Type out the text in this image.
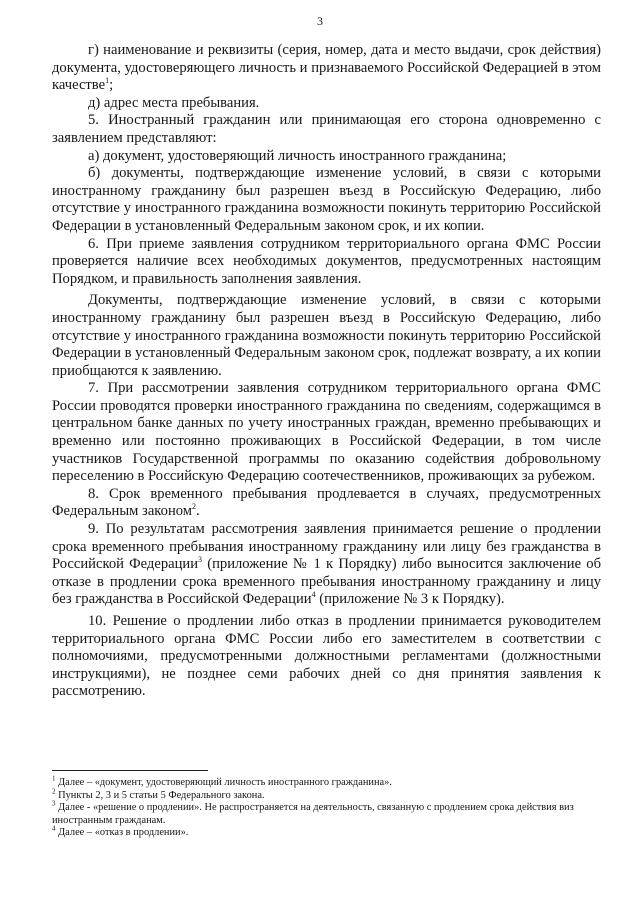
3

г) наименование и реквизиты (серия, номер, дата и место выдачи, срок действия) документа, удостоверяющего личность и признаваемого Российской Федерацией в этом качестве$^1$;

д) адрес места пребывания.

5. Иностранный гражданин или принимающая его сторона одновременно с заявлением представляют:

а) документ, удостоверяющий личность иностранного гражданина;

б) документы, подтверждающие изменение условий, в связи с которыми иностранному гражданину был разрешен въезд в Российскую Федерацию, либо отсутствие у иностранного гражданина возможности покинуть территорию Российской Федерации в установленный Федеральным законом срок, и их копии.

6. При приеме заявления сотрудником территориального органа ФМС России проверяется наличие всех необходимых документов, предусмотренных настоящим Порядком, и правильность заполнения заявления.

Документы, подтверждающие изменение условий, в связи с которыми иностранному гражданину был разрешен въезд в Российскую Федерацию, либо отсутствие у иностранного гражданина возможности покинуть территорию Российской Федерации в установленный Федеральным законом срок, подлежат возврату, а их копии приобщаются к заявлению.

7. При рассмотрении заявления сотрудником территориального органа ФМС России проводятся проверки иностранного гражданина по сведениям, содержащимся в центральном банке данных по учету иностранных граждан, временно пребывающих и временно или постоянно проживающих в Российской Федерации, в том числе участников Государственной программы по оказанию содействия добровольному переселению в Российскую Федерацию соотечественников, проживающих за рубежом.

8. Срок временного пребывания продлевается в случаях, предусмотренных Федеральным законом$^2$.

9. По результатам рассмотрения заявления принимается решение о продлении срока временного пребывания иностранному гражданину или лицу без гражданства в Российской Федерации$^3$ (приложение № 1 к Порядку) либо выносится заключение об отказе в продлении срока временного пребывания иностранному гражданину и лицу без гражданства в Российской Федерации$^4$ (приложение № 3 к Порядку).

10. Решение о продлении либо отказ в продлении принимается руководителем территориального органа ФМС России либо его заместителем в соответствии с полномочиями, предусмотренными должностными регламентами (должностными инструкциями), не позднее семи рабочих дней со дня принятия заявления к рассмотрению.

$^1$ Далее – «документ, удостоверяющий личность иностранного гражданина».
$^2$ Пункты 2, 3 и 5 статьи 5 Федерального закона.
$^3$ Далее - «решение о продлении». Не распространяется на деятельность, связанную с продлением срока действия виз иностранным гражданам.
$^4$ Далее – «отказ в продлении».
